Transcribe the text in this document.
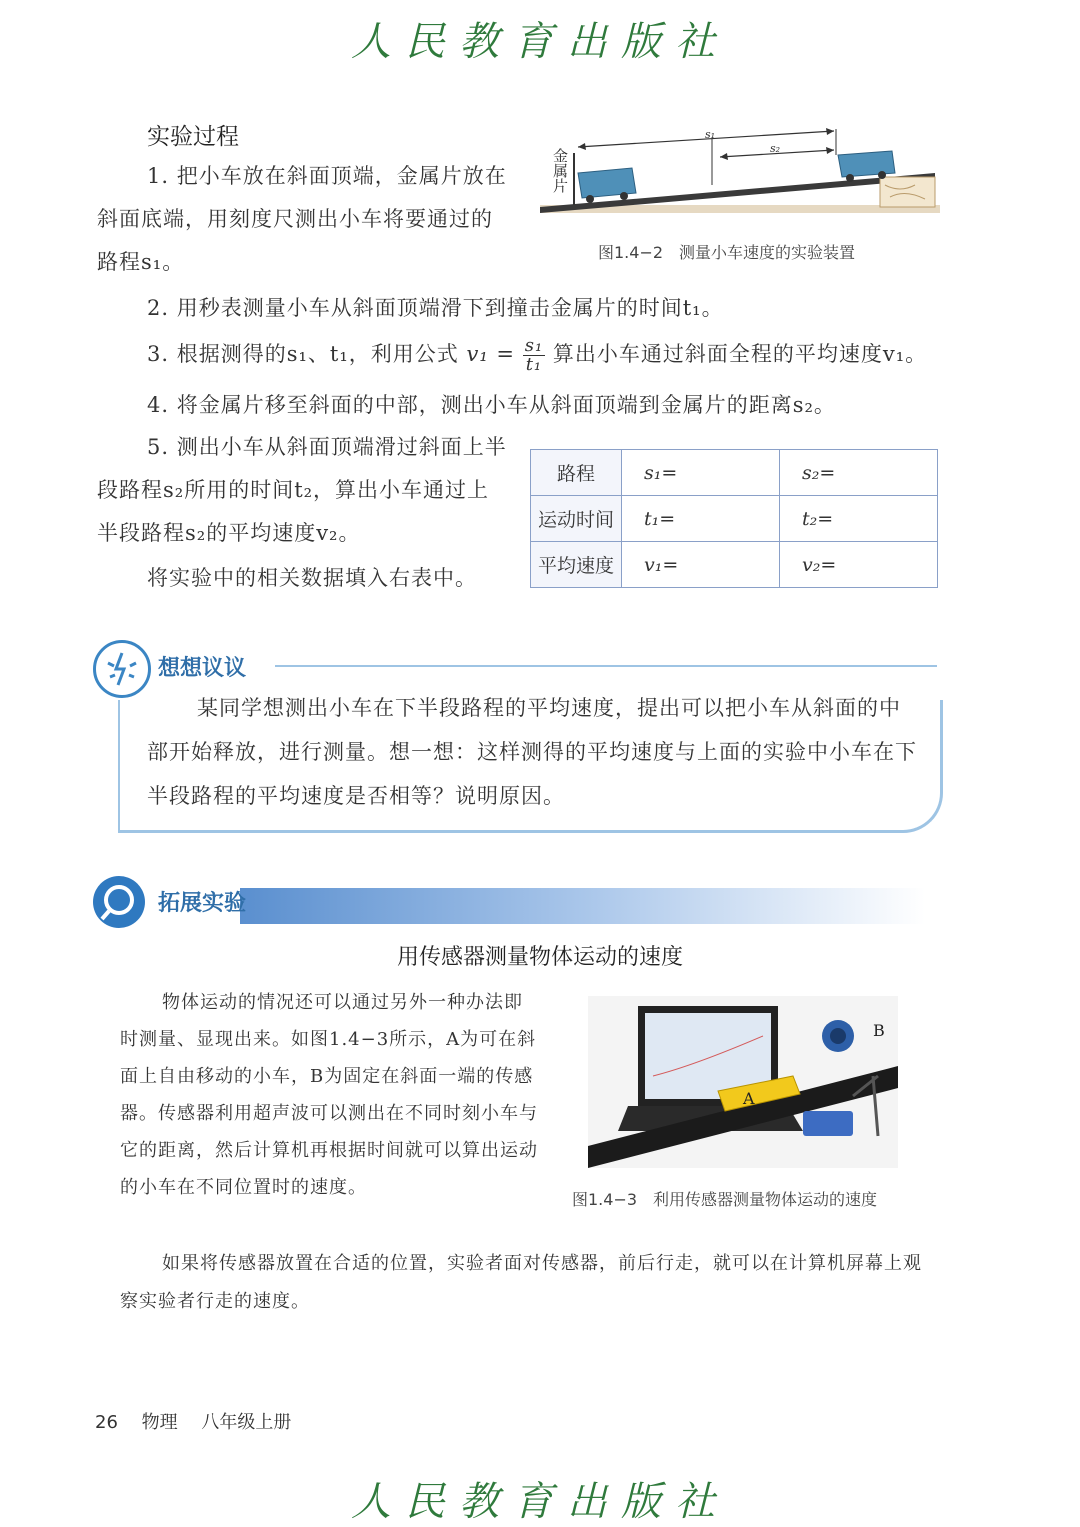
人民教育出版社
实验过程
1. 把小车放在斜面顶端，金属片放在斜面底端，用刻度尺测出小车将要通过的路程s₁。
s₁
s₂
金属片
图1.4−2　测量小车速度的实验装置
2. 用秒表测量小车从斜面顶端滑下到撞击金属片的时间t₁。
3. 根据测得的s₁、t₁，利用公式 $v_1 = \frac{\text{s₁}}{\text{t₁}}$ 算出小车通过斜面全程的平均速度v₁。
4. 将金属片移至斜面的中部，测出小车从斜面顶端到金属片的距离s₂。
5. 测出小车从斜面顶端滑过斜面上半段路程s₂所用的时间t₂，算出小车通过上半段路程s₂的平均速度v₂。
将实验中的相关数据填入右表中。
路程	s₁=	s₂=
运动时间	t₁=	t₂=
平均速度	v₁=	v₂=
想想议议
某同学想测出小车在下半段路程的平均速度，提出可以把小车从斜面的中部开始释放，进行测量。想一想：这样测得的平均速度与上面的实验中小车在下半段路程的平均速度是否相等？说明原因。
拓展实验
用传感器测量物体运动的速度
物体运动的情况还可以通过另外一种办法即时测量、显现出来。如图1.4−3所示，A为可在斜面上自由移动的小车，B为固定在斜面一端的传感器。传感器利用超声波可以测出在不同时刻小车与它的距离，然后计算机再根据时间就可以算出运动的小车在不同位置时的速度。
A
B
图1.4−3　利用传感器测量物体运动的速度
如果将传感器放置在合适的位置，实验者面对传感器，前后行走，就可以在计算机屏幕上观察实验者行走的速度。
26 物理 八年级上册
人民教育出版社
